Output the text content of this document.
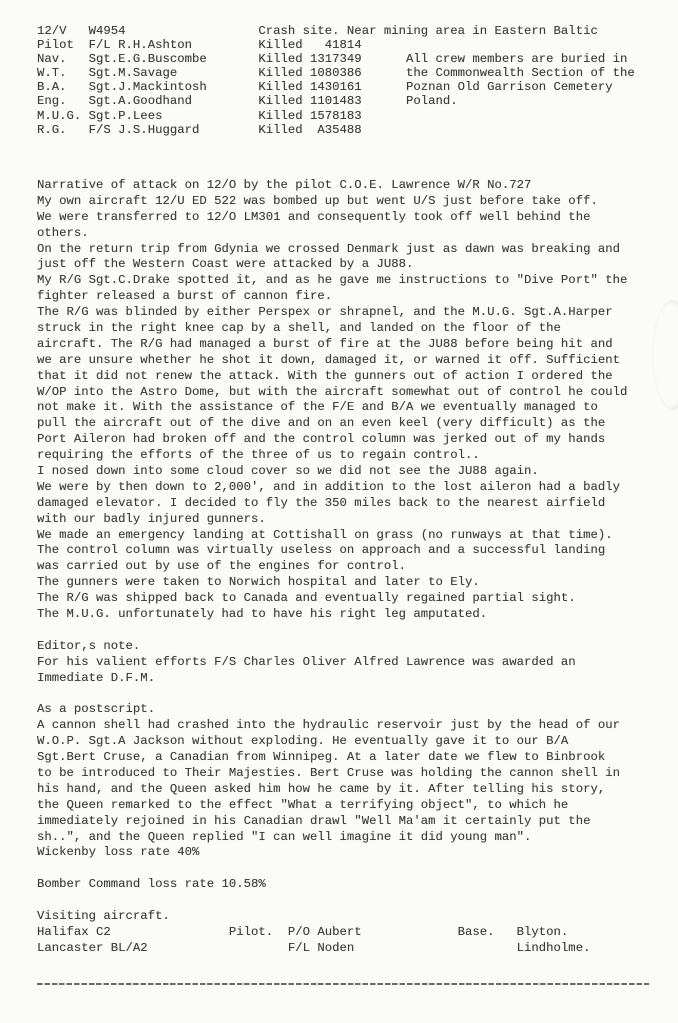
12/V   W4954                  Crash site. Near mining area in Eastern Baltic
Pilot  F/L R.H.Ashton         Killed   41814
Nav.   Sgt.E.G.Buscombe       Killed 1317349      All crew members are buried in
W.T.   Sgt.M.Savage           Killed 1080386      the Commonwealth Section of the
B.A.   Sgt.J.Mackintosh       Killed 1430161      Poznan Old Garrison Cemetery
Eng.   Sgt.A.Goodhand         Killed 1101483      Poland.
M.U.G. Sgt.P.Lees             Killed 1578183
R.G.   F/S J.S.Huggard        Killed  A35488
Narrative of attack on 12/O by the pilot C.O.E. Lawrence W/R No.727
My own aircraft 12/U ED 522 was bombed up but went U/S just before take off.
We were transferred to 12/O LM301 and consequently took off well behind the
others.
On the return trip from Gdynia we crossed Denmark just as dawn was breaking and
just off the Western Coast were attacked by a JU88.
My R/G Sgt.C.Drake spotted it, and as he gave me instructions to "Dive Port" the
fighter released a burst of cannon fire.
The R/G was blinded by either Perspex or shrapnel, and the M.U.G. Sgt.A.Harper
struck in the right knee cap by a shell, and landed on the floor of the
aircraft. The R/G had managed a burst of fire at the JU88 before being hit and
we are unsure whether he shot it down, damaged it, or warned it off. Sufficient
that it did not renew the attack. With the gunners out of action I ordered the
W/OP into the Astro Dome, but with the aircraft somewhat out of control he could
not make it. With the assistance of the F/E and B/A we eventually managed to
pull the aircraft out of the dive and on an even keel (very difficult) as the
Port Aileron had broken off and the control column was jerked out of my hands
requiring the efforts of the three of us to regain control..
I nosed down into some cloud cover so we did not see the JU88 again.
We were by then down to 2,000', and in addition to the lost aileron had a badly
damaged elevator. I decided to fly the 350 miles back to the nearest airfield
with our badly injured gunners.
We made an emergency landing at Cottishall on grass (no runways at that time).
The control column was virtually useless on approach and a successful landing
was carried out by use of the engines for control.
The gunners were taken to Norwich hospital and later to Ely.
The R/G was shipped back to Canada and eventually regained partial sight.
The M.U.G. unfortunately had to have his right leg amputated.

Editor,s note.
For his valient efforts F/S Charles Oliver Alfred Lawrence was awarded an
Immediate D.F.M.

As a postscript.
A cannon shell had crashed into the hydraulic reservoir just by the head of our
W.O.P. Sgt.A Jackson without exploding. He eventually gave it to our B/A
Sgt.Bert Cruse, a Canadian from Winnipeg. At a later date we flew to Binbrook
to be introduced to Their Majesties. Bert Cruse was holding the cannon shell in
his hand, and the Queen asked him how he came by it. After telling his story,
the Queen remarked to the effect "What a terrifying object", to which he
immediately rejoined in his Canadian drawl "Well Ma'am it certainly put the
sh..", and the Queen replied "I can well imagine it did young man".
Wickenby loss rate 40%

Bomber Command loss rate 10.58%
Visiting aircraft.
Halifax C2                Pilot.  P/O Aubert             Base.   Blyton.
Lancaster BL/A2                   F/L Noden                      Lindholme.
